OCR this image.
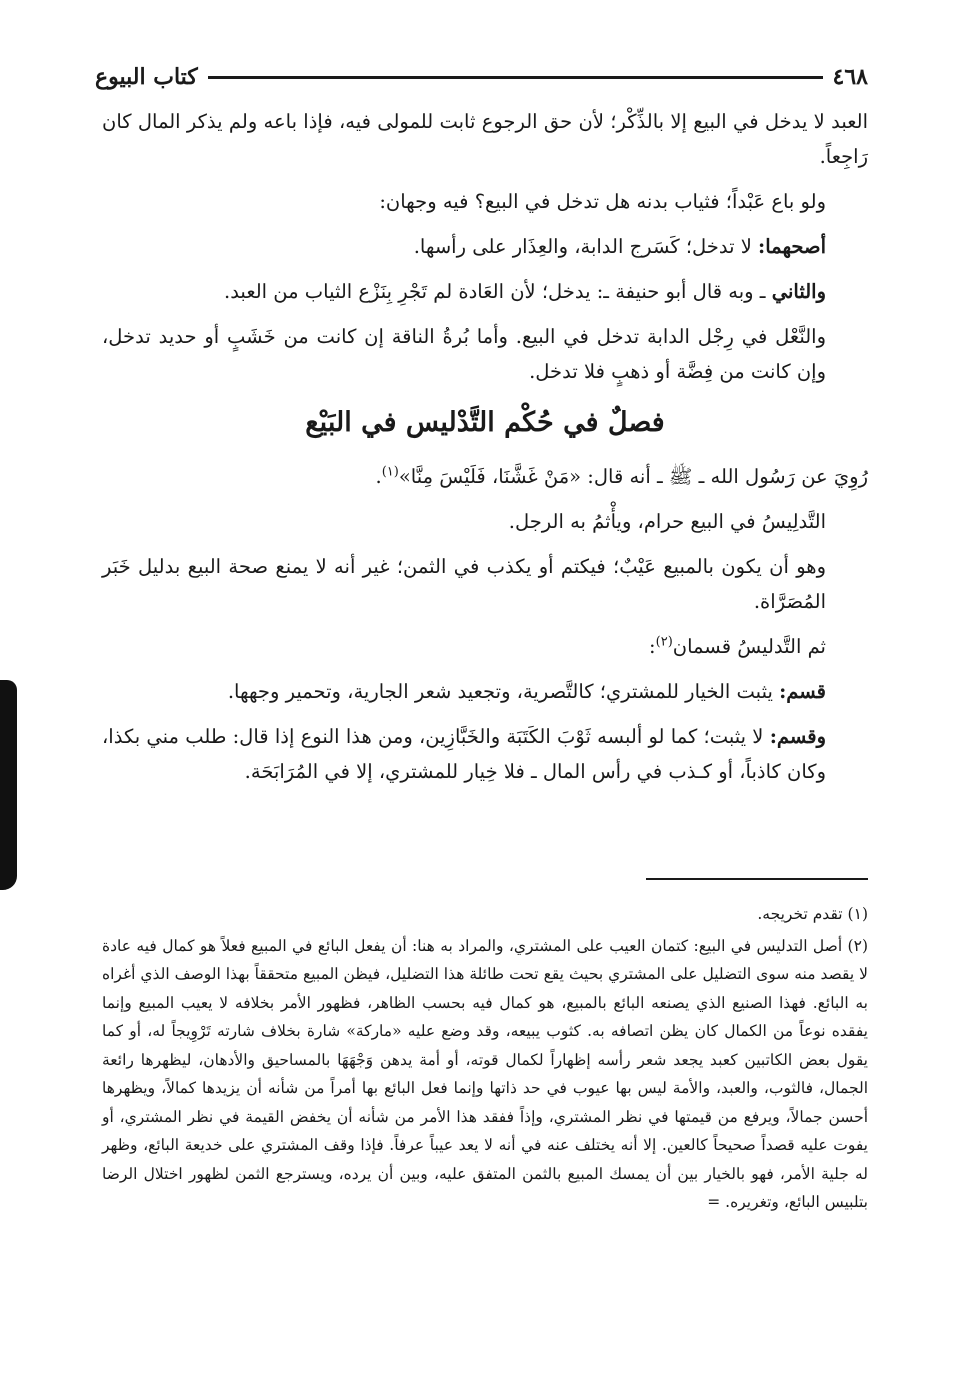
٤٦٨
كتاب البيوع

العبد لا يدخل في البيع إلا بالذِّكْر؛ لأن حق الرجوع ثابت للمولى فيه، فإذا باعه ولم يذكر المال كان رَاجِعاً.

ولو باع عَبْداً؛ فثياب بدنه هل تدخل في البيع؟ فيه وجهان:

أصحهما: لا تدخل؛ كَسَرج الدابة، والعِذَار على رأسها.

والثاني ـ وبه قال أبو حنيفة ـ: يدخل؛ لأن العَادة لم تَجْرِ بِنَزْع الثياب من العبد.

والنَّعْل في رِجْل الدابة تدخل في البيع. وأما بُرةُ الناقة إن كانت من خَشَبٍ أو حديد تدخل، وإن كانت من فِضَّة أو ذهبٍ فلا تدخل.

فصلٌ في حُكْم التَّدْليس في البَيْع

رُوِيَ عن رَسُول الله ـ ﷺ ـ أنه قال: «مَنْ غَشَّنَا، فَلَيْسَ مِنَّا»$^{(١)}$.

التَّدلِيسُ في البيع حرام، ويأْثمُ به الرجل.

وهو أن يكون بالمبيع عَيْبٌ؛ فيكتم أو يكذب في الثمن؛ غير أنه لا يمنع صحة البيع بدليل خَبَر المُصَرَّاة.

ثم التَّدليسُ قسمان$^{(٢)}$:

قسم: يثبت الخيار للمشتري؛ كالتَّصرية، وتجعيد شعر الجارية، وتحمير وجهها.

وقسم: لا يثبت؛ كما لو ألبسه ثَوْبَ الكَتَبَة والخَبَّازِين، ومن هذا النوع إذا قال: طلب مني بكذا، وكان كاذباً، أو كـذب في رأس المال ـ فلا خِيار للمشتري، إلا في المُرَابَحَة.

(١) تقدم تخريجه.

(٢) أصل التدليس في البيع: كتمان العيب على المشتري، والمراد به هنا: أن يفعل البائع في المبيع فعلاً هو كمال فيه عادة لا يقصد منه سوى التضليل على المشتري بحيث يقع تحت طائلة هذا التضليل، فيظن المبيع متحققاً بهذا الوصف الذي أغراه به البائع. فهذا الصنيع الذي يصنعه البائع بالمبيع، هو كمال فيه بحسب الظاهر، فظهور الأمر بخلافه لا يعيب المبيع وإنما يفقده نوعاً من الكمال كان يظن اتصافه به. كثوب يبيعه، وقد وضع عليه «ماركة» شارة بخلاف شارته تَرْوِيجاً له، أو كما يقول بعض الكاتبين كعبد يجعد شعر رأسه إظهاراً لكمال قوته، أو أمة يدهن وَجْهَهَا بالمساحيق والأدهان، ليظهرها رائعة الجمال، فالثوب، والعبد، والأمة ليس بها عيوب في حد ذاتها وإنما فعل البائع بها أمراً من شأنه أن يزيدها كمالاً، ويظهرها أحسن جمالاً، ويرفع من قيمتها في نظر المشتري، وإذاً ففقد هذا الأمر من شأنه أن يخفض القيمة في نظر المشتري، أو يفوت عليه قصداً صحيحاً كالعين. إلا أنه يختلف عنه في أنه لا يعد عيباً عرفاً. فإذا وقف المشتري على خديعة البائع، وظهر له جلية الأمر، فهو بالخيار بين أن يمسك المبيع بالثمن المتفق عليه، وبين أن يرده، ويسترجع الثمن لظهور اختلال الرضا بتلبيس البائع، وتغريره. =
